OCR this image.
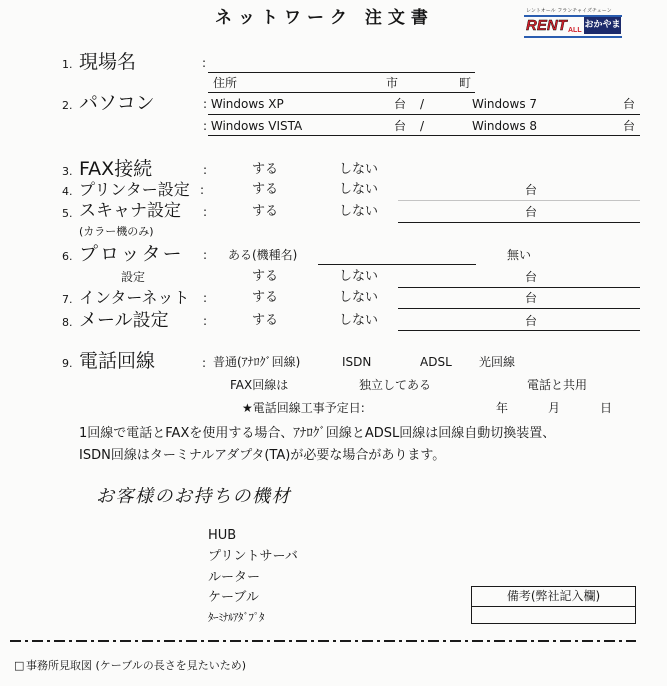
ネットワーク 注文書	レントオール フランチャイズチェーン
RENT ALL
おかやま
1. 現場名	:
住所	市	町
2. パソコン	: Windows XP	台 /	Windows 7	台
: Windows VISTA	台 /	Windows 8	台
3. FAX接続	:	する	しない
4. プリンター設定 :	する	しない	台
5. スキャナ設定 :	する	しない	台
(カラー機のみ)
6. プロッター : ある(機種名)	無い
設定	する	しない	台
7. インターネット :	する	しない	台
8. メール設定	:	する	しない	台
9. 電話回線	: 普通(ｱﾅﾛｸﾞ回線)	ISDN	ADSL 光回線
FAX回線は	独立してある	電話と共用
★電話回線工事予定日:	年	月	日
1回線で電話とFAXを使用する場合、ｱﾅﾛｸﾞ回線とADSL回線は回線自動切換装置、
ISDN回線はターミナルアダプタ(TA)が必要な場合があります。
お客様のお持ちの機材
HUB
プリントサーバ
ルーター
ケーブル
ﾀｰﾐﾅﾙｱﾀﾞﾌﾟﾀ
備考(弊社記入欄)
□ 事務所見取図 (ケーブルの長さを見たいため)
